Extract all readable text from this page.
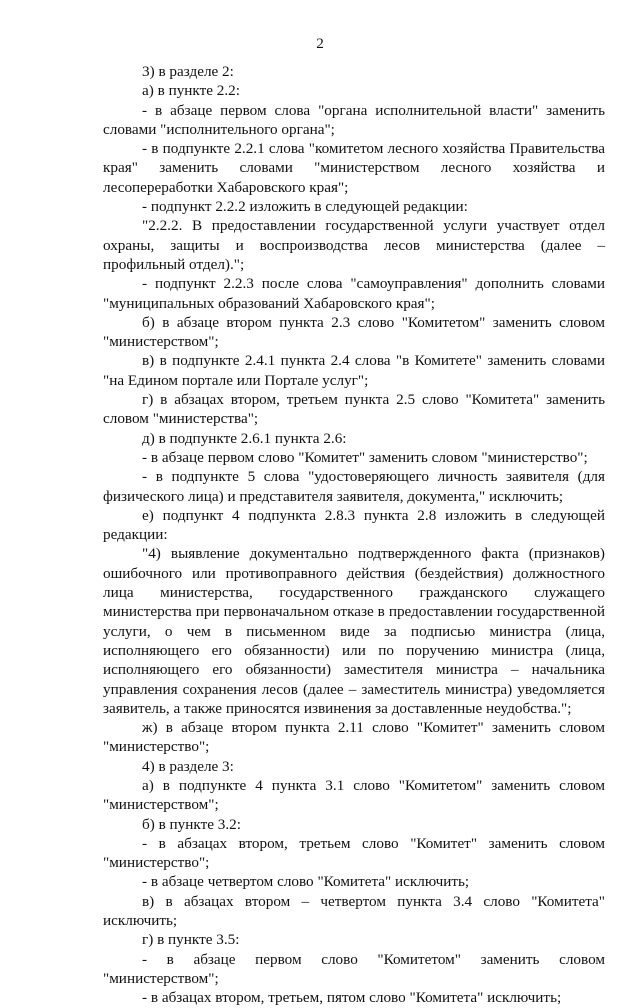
2

3) в разделе 2:

а) в пункте 2.2:

- в абзаце первом слова "органа исполнительной власти" заменить словами "исполнительного органа";

- в подпункте 2.2.1 слова "комитетом лесного хозяйства Правительства края" заменить словами "министерством лесного хозяйства и лесопереработки Хабаровского края";

- подпункт 2.2.2 изложить в следующей редакции:

"2.2.2. В предоставлении государственной услуги участвует отдел охраны, защиты и воспроизводства лесов министерства (далее – профильный отдел).";

- подпункт 2.2.3 после слова "самоуправления" дополнить словами "муниципальных образований Хабаровского края";

б) в абзаце втором пункта 2.3 слово "Комитетом" заменить словом "министерством";

в) в подпункте 2.4.1 пункта 2.4 слова "в Комитете" заменить словами "на Едином портале или Портале услуг";

г) в абзацах втором, третьем пункта 2.5 слово "Комитета" заменить словом "министерства";

д) в подпункте 2.6.1 пункта 2.6:

- в абзаце первом слово "Комитет" заменить словом "министерство";

- в подпункте 5 слова "удостоверяющего личность заявителя (для физического лица) и представителя заявителя, документа," исключить;

е) подпункт 4 подпункта 2.8.3 пункта 2.8 изложить в следующей редакции:

"4) выявление документально подтвержденного факта (признаков) ошибочного или противоправного действия (бездействия) должностного лица министерства, государственного гражданского служащего министерства при первоначальном отказе в предоставлении государственной услуги, о чем в письменном виде за подписью министра (лица, исполняющего его обязанности) или по поручению министра (лица, исполняющего его обязанности) заместителя министра – начальника управления сохранения лесов (далее – заместитель министра) уведомляется заявитель, а также приносятся извинения за доставленные неудобства.";

ж) в абзаце втором пункта 2.11 слово "Комитет" заменить словом "министерство";

4) в разделе 3:

а) в подпункте 4 пункта 3.1 слово "Комитетом" заменить словом "министерством";

б) в пункте 3.2:

- в абзацах втором, третьем слово "Комитет" заменить словом "министерство";

- в абзаце четвертом слово "Комитета" исключить;

в) в абзацах втором – четвертом пункта 3.4 слово "Комитета" исключить;

г) в пункте 3.5:

- в абзаце первом слово "Комитетом" заменить словом "министерством";

- в абзацах втором, третьем, пятом слово "Комитета" исключить;
